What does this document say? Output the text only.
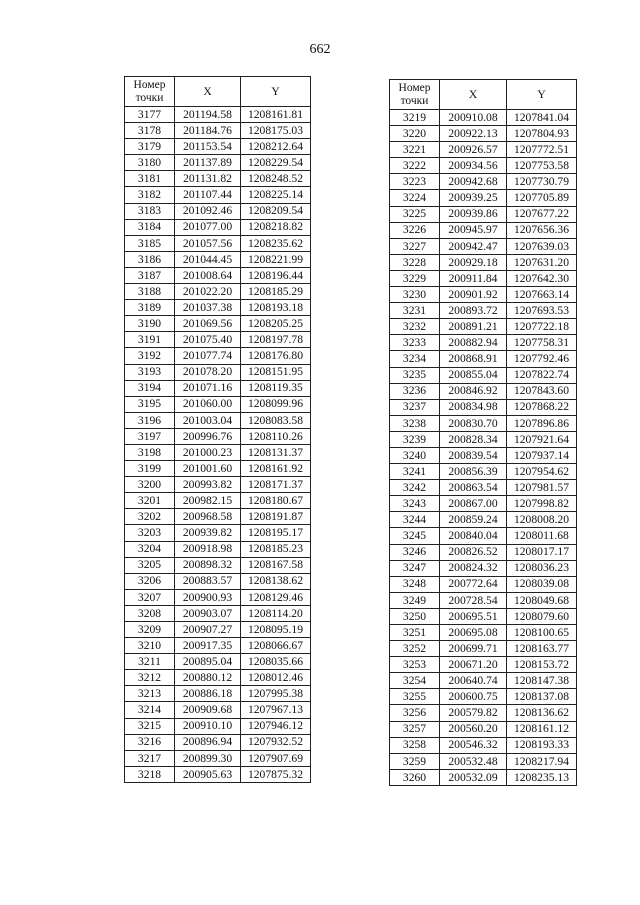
662
Номер
точки	X	Y
3177	201194.58	1208161.81
3178	201184.76	1208175.03
3179	201153.54	1208212.64
3180	201137.89	1208229.54
3181	201131.82	1208248.52
3182	201107.44	1208225.14
3183	201092.46	1208209.54
3184	201077.00	1208218.82
3185	201057.56	1208235.62
3186	201044.45	1208221.99
3187	201008.64	1208196.44
3188	201022.20	1208185.29
3189	201037.38	1208193.18
3190	201069.56	1208205.25
3191	201075.40	1208197.78
3192	201077.74	1208176.80
3193	201078.20	1208151.95
3194	201071.16	1208119.35
3195	201060.00	1208099.96
3196	201003.04	1208083.58
3197	200996.76	1208110.26
3198	201000.23	1208131.37
3199	201001.60	1208161.92
3200	200993.82	1208171.37
3201	200982.15	1208180.67
3202	200968.58	1208191.87
3203	200939.82	1208195.17
3204	200918.98	1208185.23
3205	200898.32	1208167.58
3206	200883.57	1208138.62
3207	200900.93	1208129.46
3208	200903.07	1208114.20
3209	200907.27	1208095.19
3210	200917.35	1208066.67
3211	200895.04	1208035.66
3212	200880.12	1208012.46
3213	200886.18	1207995.38
3214	200909.68	1207967.13
3215	200910.10	1207946.12
3216	200896.94	1207932.52
3217	200899.30	1207907.69
3218	200905.63	1207875.32
Номер
точки	X	Y
3219	200910.08	1207841.04
3220	200922.13	1207804.93
3221	200926.57	1207772.51
3222	200934.56	1207753.58
3223	200942.68	1207730.79
3224	200939.25	1207705.89
3225	200939.86	1207677.22
3226	200945.97	1207656.36
3227	200942.47	1207639.03
3228	200929.18	1207631.20
3229	200911.84	1207642.30
3230	200901.92	1207663.14
3231	200893.72	1207693.53
3232	200891.21	1207722.18
3233	200882.94	1207758.31
3234	200868.91	1207792.46
3235	200855.04	1207822.74
3236	200846.92	1207843.60
3237	200834.98	1207868.22
3238	200830.70	1207896.86
3239	200828.34	1207921.64
3240	200839.54	1207937.14
3241	200856.39	1207954.62
3242	200863.54	1207981.57
3243	200867.00	1207998.82
3244	200859.24	1208008.20
3245	200840.04	1208011.68
3246	200826.52	1208017.17
3247	200824.32	1208036.23
3248	200772.64	1208039.08
3249	200728.54	1208049.68
3250	200695.51	1208079.60
3251	200695.08	1208100.65
3252	200699.71	1208163.77
3253	200671.20	1208153.72
3254	200640.74	1208147.38
3255	200600.75	1208137.08
3256	200579.82	1208136.62
3257	200560.20	1208161.12
3258	200546.32	1208193.33
3259	200532.48	1208217.94
3260	200532.09	1208235.13
